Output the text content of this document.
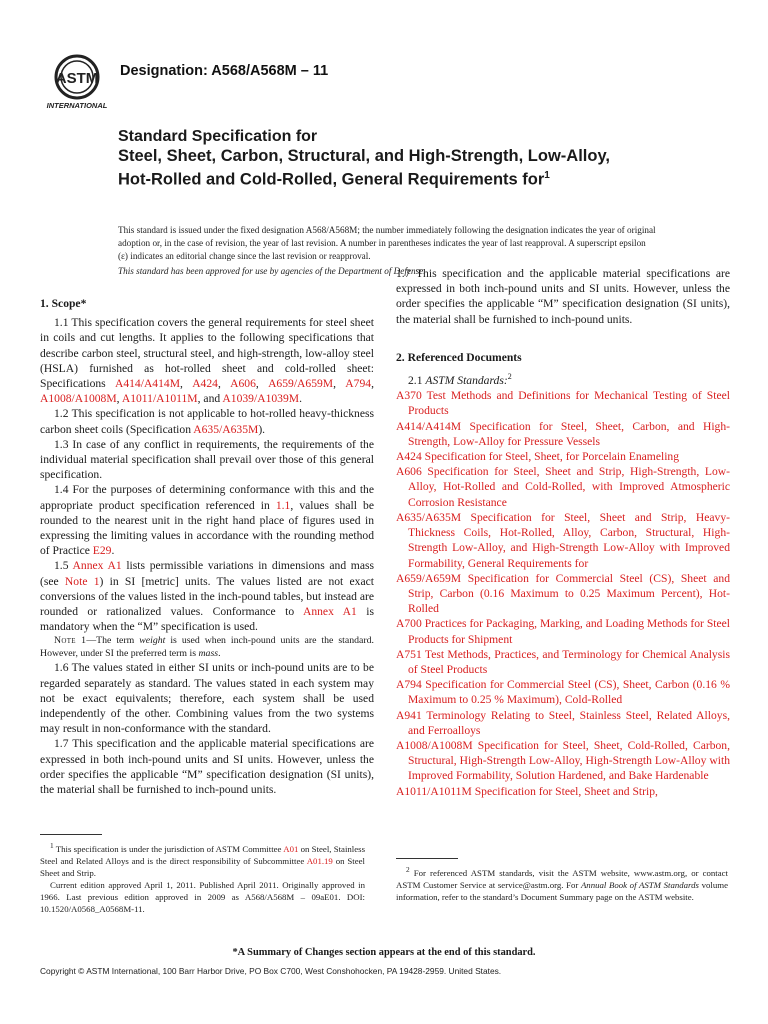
ASTM
INTERNATIONAL
Designation: A568/A568M – 11
Standard Specification for
Steel, Sheet, Carbon, Structural, and High-Strength, Low-Alloy, Hot-Rolled and Cold-Rolled, General Requirements for$^1$
This standard is issued under the fixed designation A568/A568M; the number immediately following the designation indicates the year of original adoption or, in the case of revision, the year of last revision. A number in parentheses indicates the year of last reapproval. A superscript epsilon (ε) indicates an editorial change since the last revision or reapproval.
This standard has been approved for use by agencies of the Department of Defense.
1. Scope*

1.1 This specification covers the general requirements for steel sheet in coils and cut lengths. It applies to the following specifications that describe carbon steel, structural steel, and high-strength, low-alloy steel (HSLA) furnished as hot-rolled sheet and cold-rolled sheet: Specifications A414/A414M, A424, A606, A659/A659M, A794, A1008/A1008M, A1011/A1011M, and A1039/A1039M.

1.2 This specification is not applicable to hot-rolled heavy-thickness carbon sheet coils (Specification A635/A635M).

1.3 In case of any conflict in requirements, the requirements of the individual material specification shall prevail over those of this general specification.

1.4 For the purposes of determining conformance with this and the appropriate product specification referenced in 1.1, values shall be rounded to the nearest unit in the right hand place of figures used in expressing the limiting values in accordance with the rounding method of Practice E29.

1.5 Annex A1 lists permissible variations in dimensions and mass (see Note 1) in SI [metric] units. The values listed are not exact conversions of the values listed in the inch-pound tables, but instead are rounded or rationalized values. Conformance to Annex A1 is mandatory when the “M” specification is used.

Note 1—The term weight is used when inch-pound units are the standard. However, under SI the preferred term is mass.

1.6 The values stated in either SI units or inch-pound units are to be regarded separately as standard. The values stated in each system may not be exact equivalents; therefore, each system shall be used independently of the other. Combining values from the two systems may result in non-conformance with the standard.

1.7 This specification and the applicable material specifications are expressed in both inch-pound units and SI units. However, unless the order specifies the applicable “M” specification designation (SI units), the material shall be furnished to inch-pound units.

1.7 This specification and the applicable material specifications are expressed in both inch-pound units and SI units. However, unless the order specifies the applicable “M” specification designation (SI units), the material shall be furnished to inch-pound units.

2. Referenced Documents

2.1 ASTM Standards:$^2$

A370 Test Methods and Definitions for Mechanical Testing of Steel Products

A414/A414M Specification for Steel, Sheet, Carbon, and High-Strength, Low-Alloy for Pressure Vessels

A424 Specification for Steel, Sheet, for Porcelain Enameling

A606 Specification for Steel, Sheet and Strip, High-Strength, Low-Alloy, Hot-Rolled and Cold-Rolled, with Improved Atmospheric Corrosion Resistance

A635/A635M Specification for Steel, Sheet and Strip, Heavy-Thickness Coils, Hot-Rolled, Alloy, Carbon, Structural, High-Strength Low-Alloy, and High-Strength Low-Alloy with Improved Formability, General Requirements for

A659/A659M Specification for Commercial Steel (CS), Sheet and Strip, Carbon (0.16 Maximum to 0.25 Maximum Percent), Hot-Rolled

A700 Practices for Packaging, Marking, and Loading Methods for Steel Products for Shipment

A751 Test Methods, Practices, and Terminology for Chemical Analysis of Steel Products

A794 Specification for Commercial Steel (CS), Sheet, Carbon (0.16 % Maximum to 0.25 % Maximum), Cold-Rolled

A941 Terminology Relating to Steel, Stainless Steel, Related Alloys, and Ferroalloys

A1008/A1008M Specification for Steel, Sheet, Cold-Rolled, Carbon, Structural, High-Strength Low-Alloy, High-Strength Low-Alloy with Improved Formability, Solution Hardened, and Bake Hardenable

A1011/A1011M Specification for Steel, Sheet and Strip,

$^1$ This specification is under the jurisdiction of ASTM Committee A01 on Steel, Stainless Steel and Related Alloys and is the direct responsibility of Subcommittee A01.19 on Steel Sheet and Strip.
Current edition approved April 1, 2011. Published April 2011. Originally approved in 1966. Last previous edition approved in 2009 as A568/A568M – 09aE01. DOI: 10.1520/A0568_A0568M-11.
$^2$ For referenced ASTM standards, visit the ASTM website, www.astm.org, or contact ASTM Customer Service at service@astm.org. For Annual Book of ASTM Standards volume information, refer to the standard’s Document Summary page on the ASTM website.
*A Summary of Changes section appears at the end of this standard.
Copyright © ASTM International, 100 Barr Harbor Drive, PO Box C700, West Conshohocken, PA 19428-2959. United States.
